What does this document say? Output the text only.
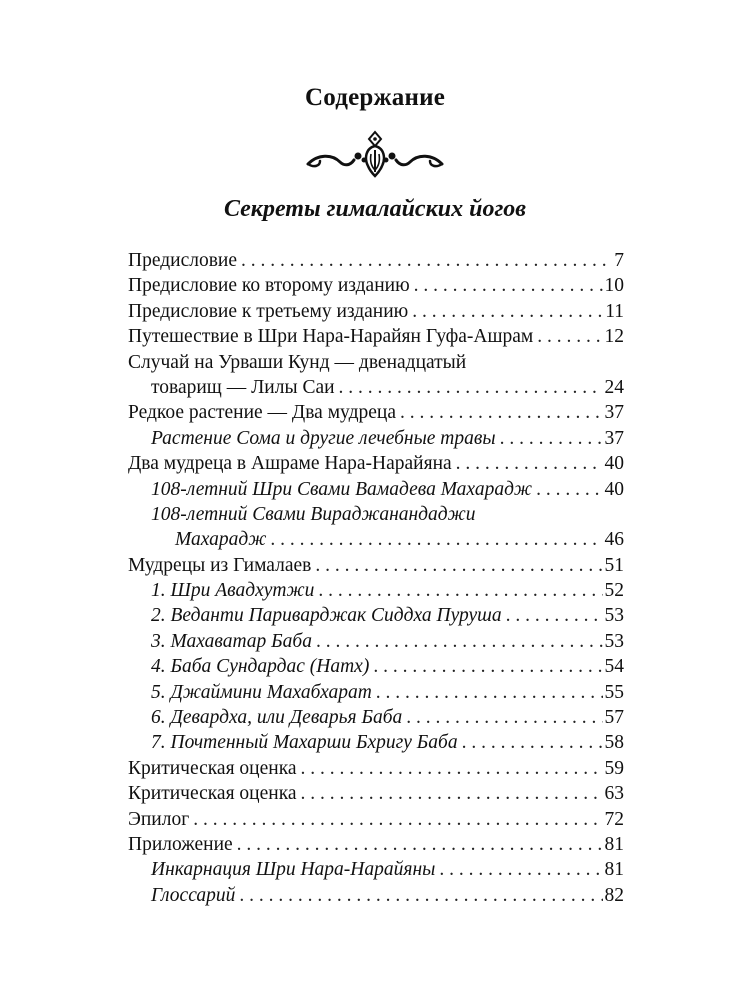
Содержание
Секреты гималайских йогов
Предисловие . . .	7
Предисловие ко второму изданию . . .	10
Предисловие к третьему изданию . . .	11
Путешествие в Шри Нара-Нарайян Гуфа-Ашрам . . .	12
Случай на Урваши Кунд — двенадцатый
товарищ — Лилы Саи . . .	24
Редкое растение — Два мудреца . . .	37
Растение Сома и другие лечебные травы . . .	37
Два мудреца в Ашраме Нара-Нарайяна . . .	40
108-летний Шри Свами Вамадева Махарадж . . .	40
108-летний Свами Вираджанандаджи
Махарадж . . .	46
Мудрецы из Гималаев . . .	51
1. Шри Авадхутжи . . .	52
2. Веданти Париварджак Сиддха Пуруша . . .	53
3. Махаватар Баба . . .	53
4. Баба Сундардас (Натх) . . .	54
5. Джаймини Махабхарат . . .	55
6. Девардха, или Деварья Баба . . .	57
7. Почтенный Махарши Бхригу Баба . . .	58
Критическая оценка . . .	59
Критическая оценка . . .	63
Эпилог . . .	72
Приложение . . .	81
Инкарнация Шри Нара-Нарайяны . . .	81
Глоссарий . . .	82
